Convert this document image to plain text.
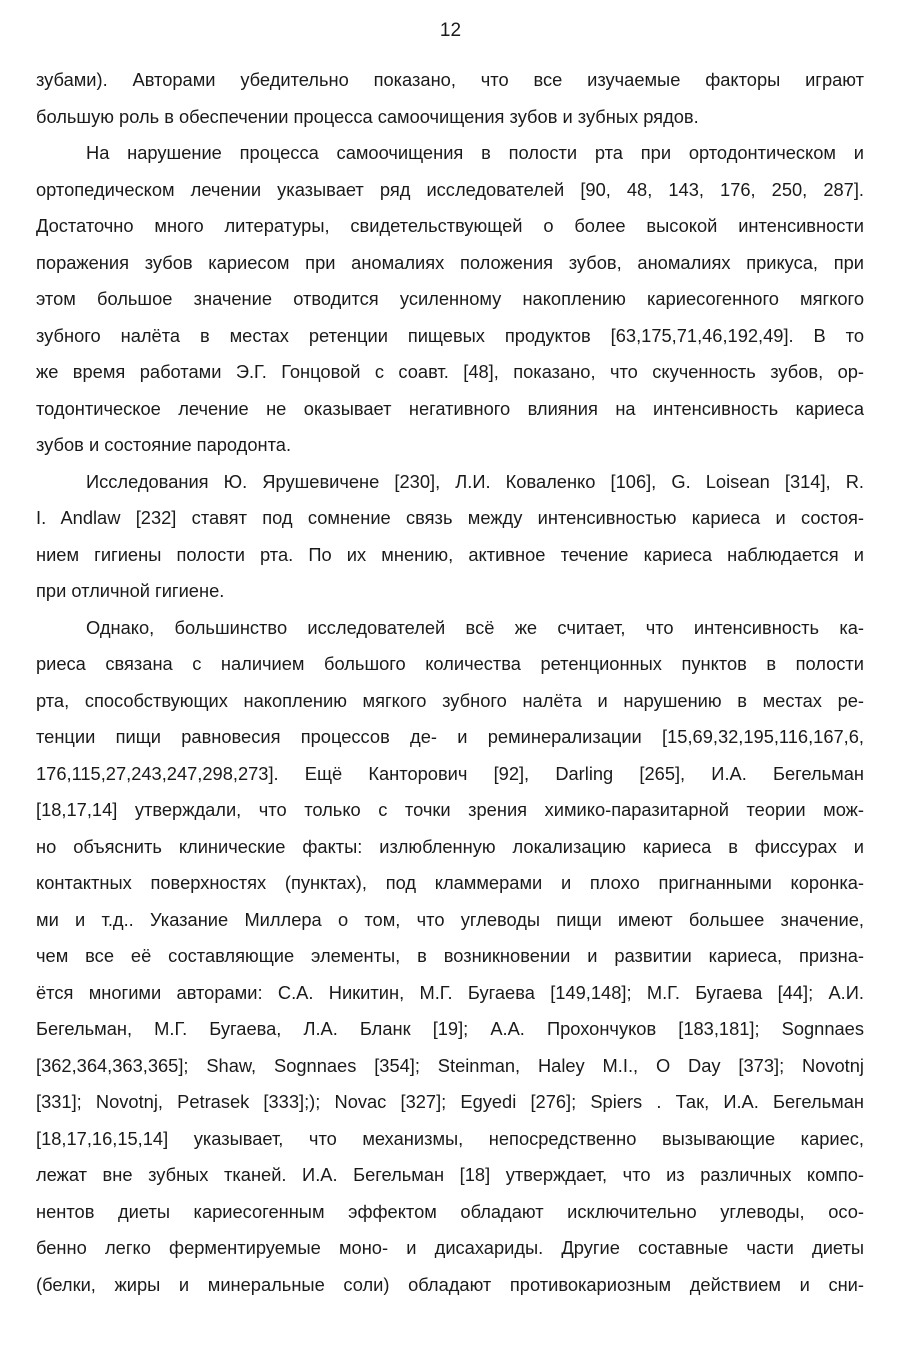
12
зубами). Авторами убедительно показано, что все изучаемые факторы играют
большую роль в обеспечении процесса самоочищения зубов и зубных рядов.
На нарушение процесса самоочищения в полости рта при ортодонтическом и
ортопедическом лечении указывает ряд исследователей [90, 48, 143, 176, 250, 287].
Достаточно много литературы, свидетельствующей о более высокой интенсивности
поражения зубов кариесом при аномалиях положения зубов, аномалиях прикуса, при
этом большое значение отводится усиленному накоплению кариесогенного мягкого
зубного налёта в местах ретенции пищевых продуктов [63,175,71,46,192,49]. В то
же время работами Э.Г. Гонцовой с соавт. [48], показано, что скученность зубов, ор-
тодонтическое лечение не оказывает негативного влияния на интенсивность кариеса
зубов и состояние пародонта.
Исследования Ю. Ярушевичене [230], Л.И. Коваленко [106], G. Loisean [314], R.
I. Andlaw [232] ставят под сомнение связь между интенсивностью кариеса и состоя-
нием гигиены полости рта. По их мнению, активное течение кариеса наблюдается и
при отличной гигиене.
Однако, большинство исследователей всё же считает, что интенсивность ка-
риеса связана с наличием большого количества ретенционных пунктов в полости
рта, способствующих накоплению мягкого зубного налёта и нарушению в местах ре-
тенции пищи равновесия процессов де- и реминерализации [15,69,32,195,116,167,6,
176,115,27,243,247,298,273]. Ещё Канторович [92], Darling [265], И.А. Бегельман
[18,17,14] утверждали, что только с точки зрения химико-паразитарной теории мож-
но объяснить клинические факты: излюбленную локализацию кариеса в фиссурах и
контактных поверхностях (пунктах), под кламмерами и плохо пригнанными коронка-
ми и т.д.. Указание Миллера о том, что углеводы пищи имеют большее значение,
чем все её составляющие элементы, в возникновении и развитии кариеса, призна-
ётся многими авторами: С.А. Никитин, М.Г. Бугаева [149,148]; М.Г. Бугаева [44]; А.И.
Бегельман, М.Г. Бугаева, Л.А. Бланк [19]; А.А. Прохончуков [183,181]; Sognnaes
[362,364,363,365]; Shaw, Sognnaes [354]; Steinman, Haley M.I., O Day [373]; Novotnj
[331]; Novotnj, Petrasek [333];); Novac [327]; Egyedi [276]; Spiers . Так, И.А. Бегельман
[18,17,16,15,14] указывает, что механизмы, непосредственно вызывающие кариес,
лежат вне зубных тканей. И.А. Бегельман [18] утверждает, что из различных компо-
нентов диеты кариесогенным эффектом обладают исключительно углеводы, осо-
бенно легко ферментируемые моно- и дисахариды. Другие составные части диеты
(белки, жиры и минеральные соли) обладают противокариозным действием и сни-
